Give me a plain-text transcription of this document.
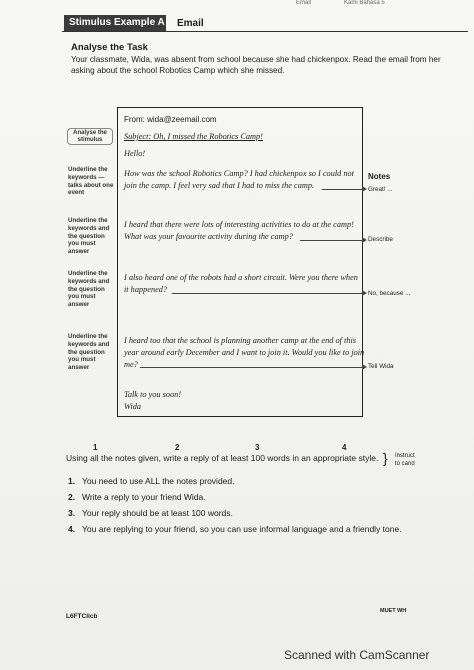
Email	Kami Bahasa 5
Stimulus Example A Email
Analyse the Task
Your classmate, Wida, was absent from school because she had chickenpox. Read the email from her asking about the school Robotics Camp which she missed.
From: wida@zeemail.com
Subject: Oh, I missed the Robotics Camp!
Hello!
How was the school Robotics Camp? I had chickenpox so I could not
join the camp. I feel very sad that I had to miss the camp.
I heard that there were lots of interesting activities to do at the camp!
What was your favourite activity during the camp?
I also heard one of the robots had a short circuit. Were you there when
it happened?
I heard too that the school is planning another camp at the end of this
year around early December and I want to join it. Would you like to join
me?
Talk to you soon!
Wida
Analyse the stimulus
Underline the keywords — talks about one event
Underline the keywords and the question you must answer
Underline the keywords and the question you must answer
Underline the keywords and the question you must answer
Notes
Great! ...
Describe
No, because ...
Tell Wida
1	2	3	4
Using all the notes given, write a reply of at least 100 words in an appropriate style. } Instruct
to cand
1. You need to use ALL the notes provided.
2. Write a reply to your friend Wida.
3. Your reply should be at least 100 words.
4. You are replying to your friend, so you can use informal language and a friendly tone.
L6FTClicb
MUET WH
Scanned with CamScanner
